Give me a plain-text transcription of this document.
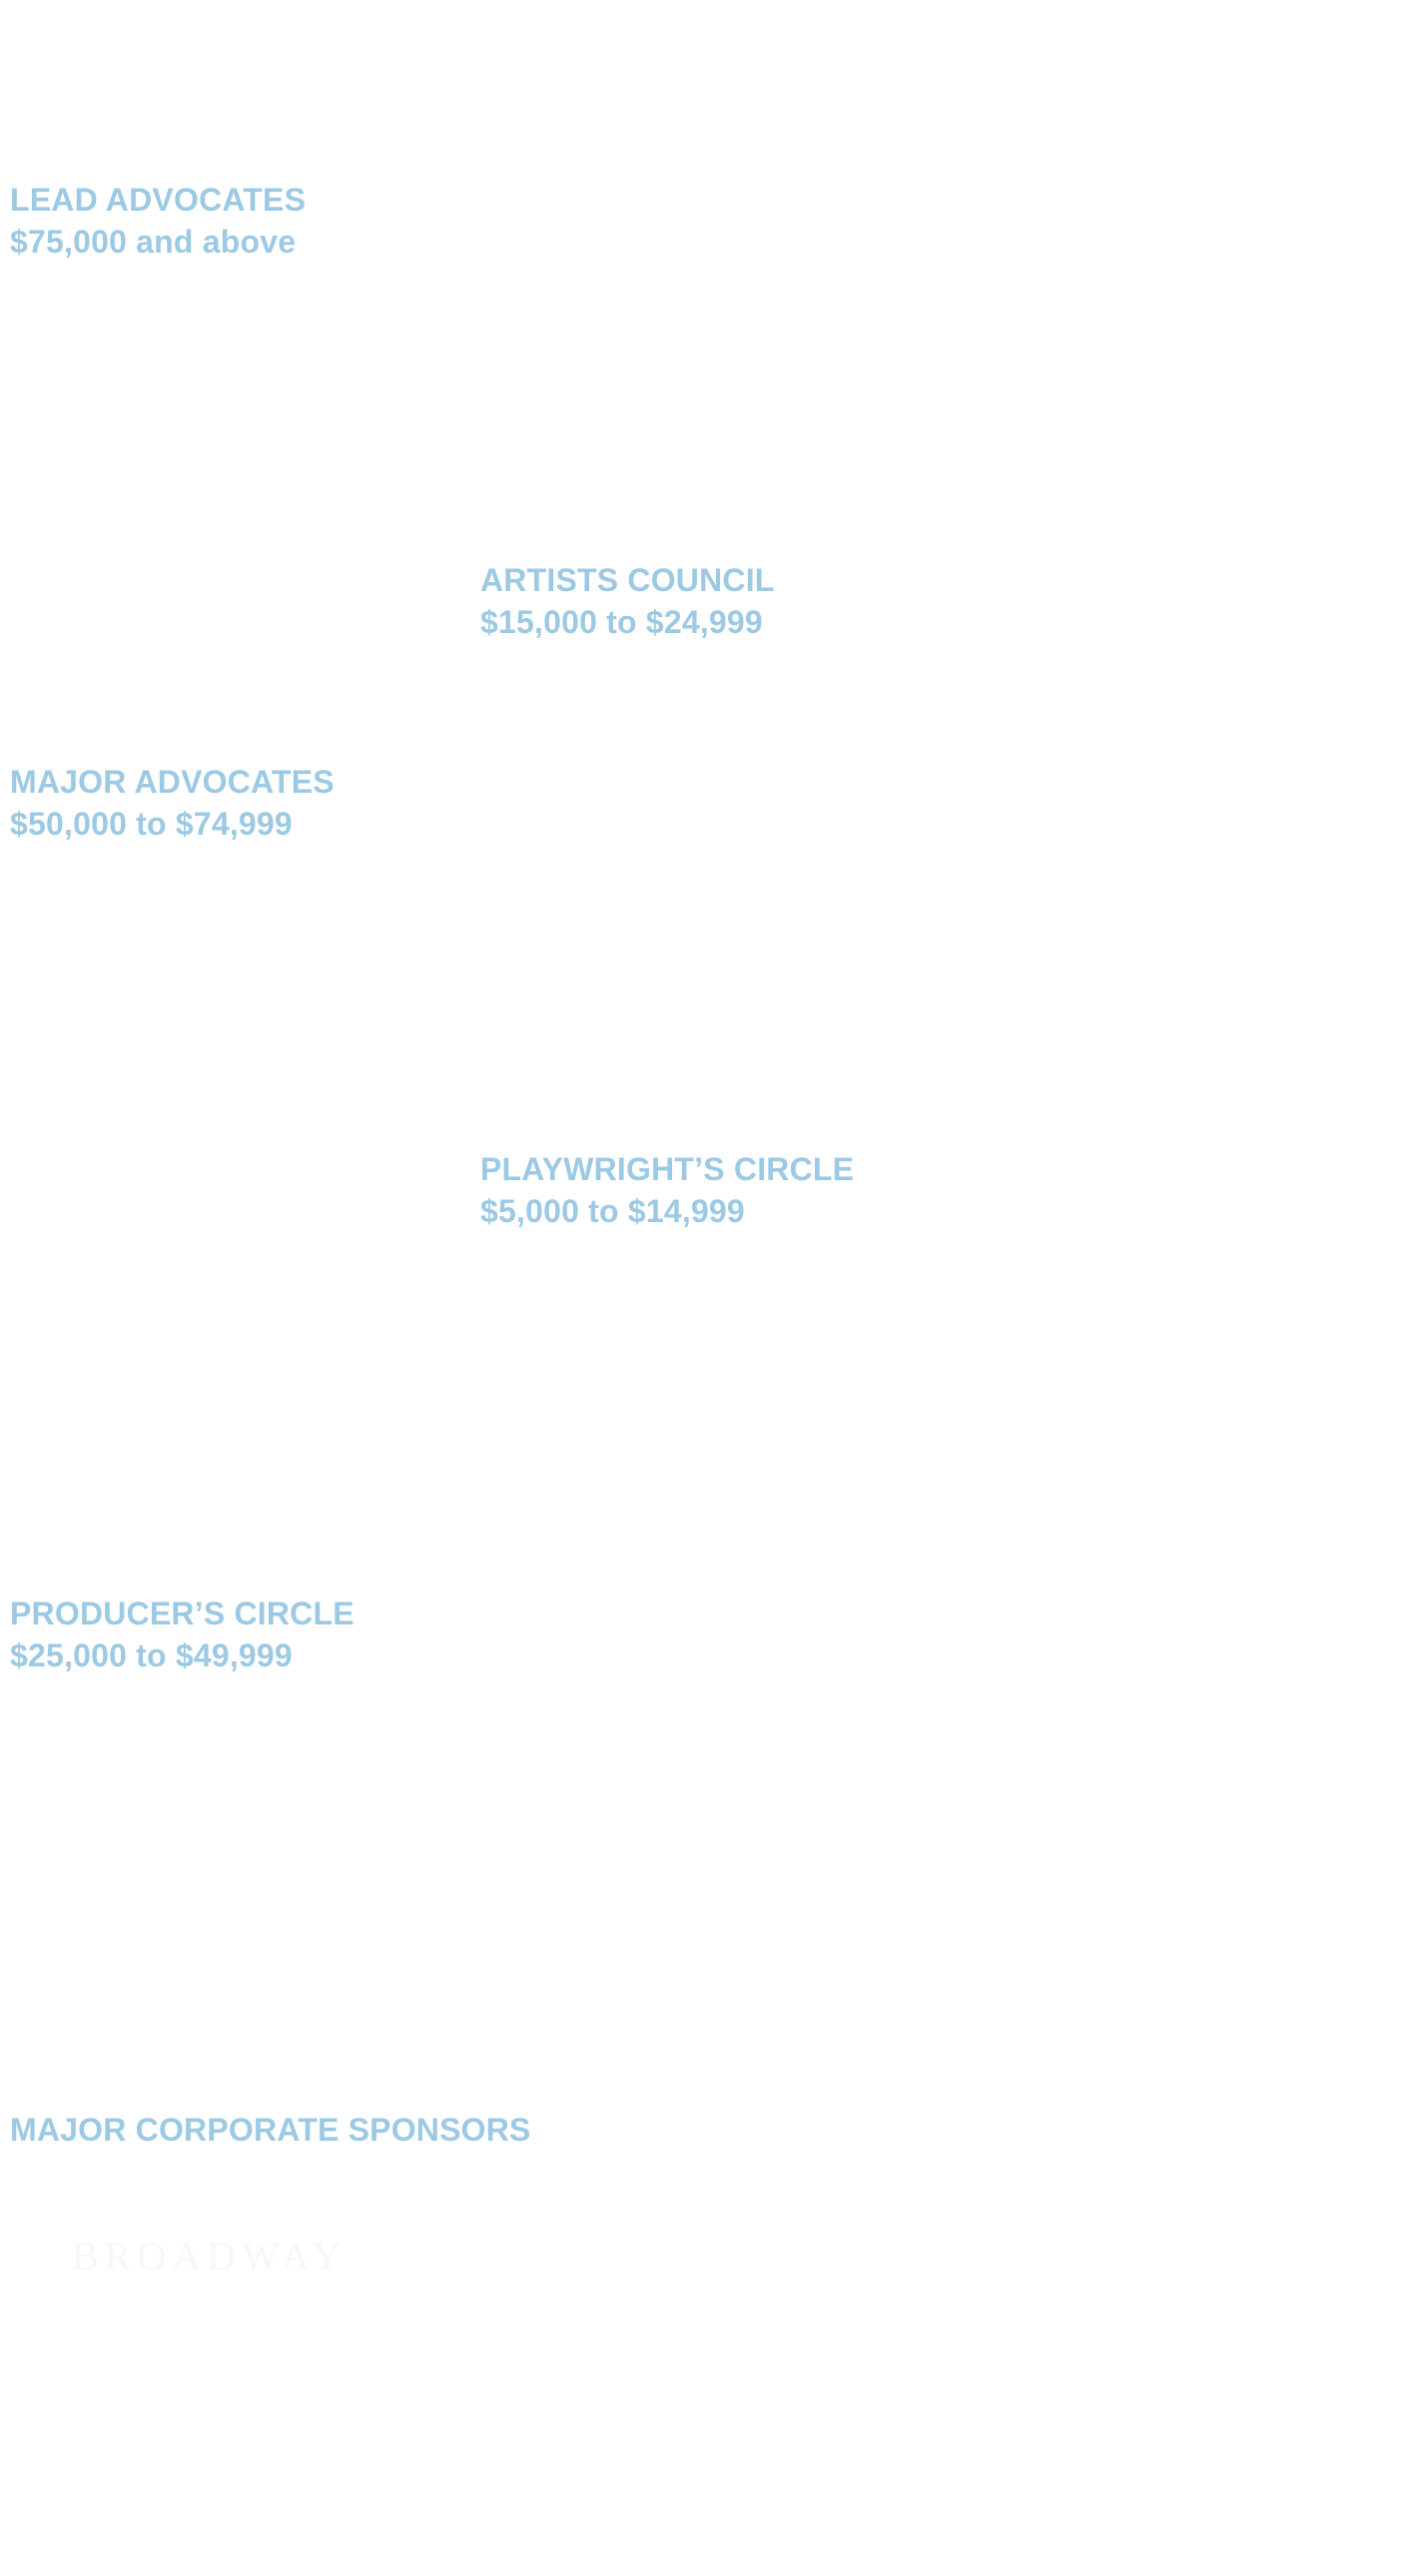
LEAD ADVOCATES
$75,000 and above
ARTISTS COUNCIL
$15,000 to $24,999
MAJOR ADVOCATES
$50,000 to $74,999
PLAYWRIGHT’S CIRCLE
$5,000 to $14,999
PRODUCER’S CIRCLE
$25,000 to $49,999
MAJOR CORPORATE SPONSORS
BROADWAY
